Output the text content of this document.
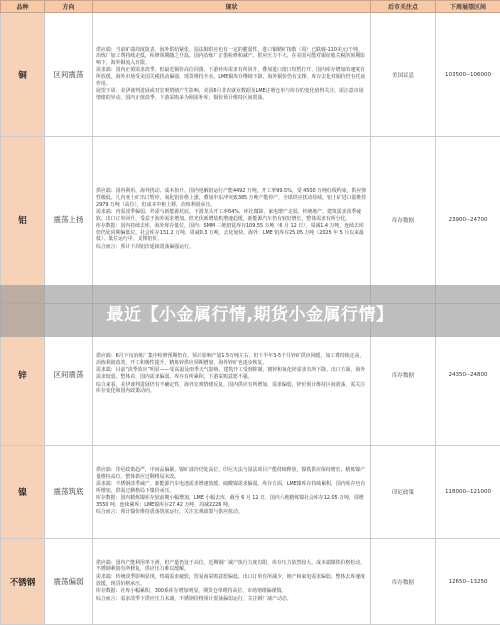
品种	方向	现状	后市关注点	下周展望区间
铜	区间震荡	供应端：当前矿端周度报表，海外供给紧张，湿法铜供应也有一定的脆弱性，进口铜精矿指数（周）已跌破-110美元/千吨，冶炼厂加工费持续走低，检修预期随之升温。国内冶炼厂正借检修和减产、供应压力不大，在美国可能对铜征收关税的预期影响下，海外铜流入有限。

需求端：国内正值需求淡季，但最近铜价高位回落，下游补库需求有所回升，叠加进口窗口短暂打开，国内库存增加的速度有所放缓。海外市场受美国关税扰动偏强，现货维持升水。LME铜库存继续下降，海外铜价仍有支撑，库存去化对铜价仍有托底作用。

展望下周：美伊谈判进展或对宏观情绪产生影响，美国6月非农就业数据及LME注册仓单与库存的变化值得关注，需注意市场情绪的异动。国内正值淡季，下游采购多为刚需补库，铜价预计维持区间震荡。	美国议息	103500--106000
铝	震荡上扬	供应端：国内利用、海外扰动、成本抬升。国内电解铝运行产能4492 万吨，开工率99.5%，受 4500 万吨红线约束，供应弹性极低。几内亚土矿出口暂停，氧化铝价格上涨，叠加中东冲突致385 万吨产能停产，全球供应扰动持续。铝土矿进口量维持2979 万吨（高位），但成本中枢上移，冶炼利润承压。

需求端：内需淡季偏弱，外需与新能源托底。下游龙头开工率64%，环比微降，家电增产走弱，传统地产、建筑需求淡季疲软。出口订单回升，受益于海外需求增加。但光伏新增装机增速趋缓，新能源汽车仍有较好增长，整体需求有所分化。

库存数据：国内持续去库，海外库存低位。国内：SMM 三地铝锭库存109.55 万吨（6 月 12 日），周减1.4 万吨，连续去库但仍处同期偏低位。社会库存131.2 万吨，周减0.3 万吨，去化加快。海外：LME 铝库存25.05 万吨（2025 年 5 月以来最低），低位运行中，支撑铝价。

综合而言：预计下周铝价延续震荡偏强运行。	库存数据	23900--24700
锌	区间震荡	供应端：6月下旬冶炼厂集中检修预期仍在，预计影响产量1.5万吨左右，但下半年3-5个月锌矿供应回暖，加工费持续走高，冶炼利润改善，开工积极性提升，精炼锌供应预期增加，海外锌矿也逐步恢复。

需求端：目前“淡季效应”明显——受高温及雨季天气影响，建筑开工受到抑制，镀锌和氧化锌需求有所下降。出口方面，海外需求较弱。整体看，国内需求偏弱，库存有所累积，下游采购意愿不强。

综合来看，美伊谈判进展仍有不确定性，海外宏观情绪反复，国内供应有所增加，需求偏弱，锌价预计维持区间震荡，需关注库存变化和国内政策动向。	库存数据	24350--24800
镍	震荡筑底	供应端：印尼政策趋严，中间品偏紧，镍矿溢价仍处高位，印尼火法与湿法项目产能持续释放，镍铁供应保持增长，精炼镍产量维持高位，整体供应过剩格局未改。

需求端：不锈钢淡季减产，新能源汽车电池需求增速放缓，硫酸镍需求偏弱。库存方面，LME镍库存持续累积，国内库存也有所增加，供需过剩格局下镍价承压。

库存数据：国内精炼镍库存较前期小幅增加，LME 小幅去库，截至 6 月 12 日，国内六地精炼镍社会库存12.05 万吨，周增3550 吨，连续累库；LME镍库存27.42 万吨，周减2226 吨。

综合而言：预计镍价维持震荡筑底运行，关注宏观政策与供应扰动。	印尼政策	118000--121000
不锈钢	震荡偏弱	供应端：国内产能利用率下滑，但产量仍处于高位，近期钢厂减产执行力度有限，库存压力依然较大，成本端镍铁价格松动，不锈钢利润有所修复，供应压力难以缓解。

需求端：传统淡季影响显现，终端需求疲软，贸易商采购意愿偏低，出口订单有所减少，地产和家电需求偏弱，整体去库速度放缓，现货价格承压。

库存数据：社库小幅累积，300系库存增加明显，期货仓单维持高位，市场情绪偏谨慎。

综合而言：需求淡季下供应压力未减，不锈钢价格预计震荡偏弱运行，关注钢厂减产动态。	库存数据	12650--13250
最近【小金属行情,期货小金属行情】
